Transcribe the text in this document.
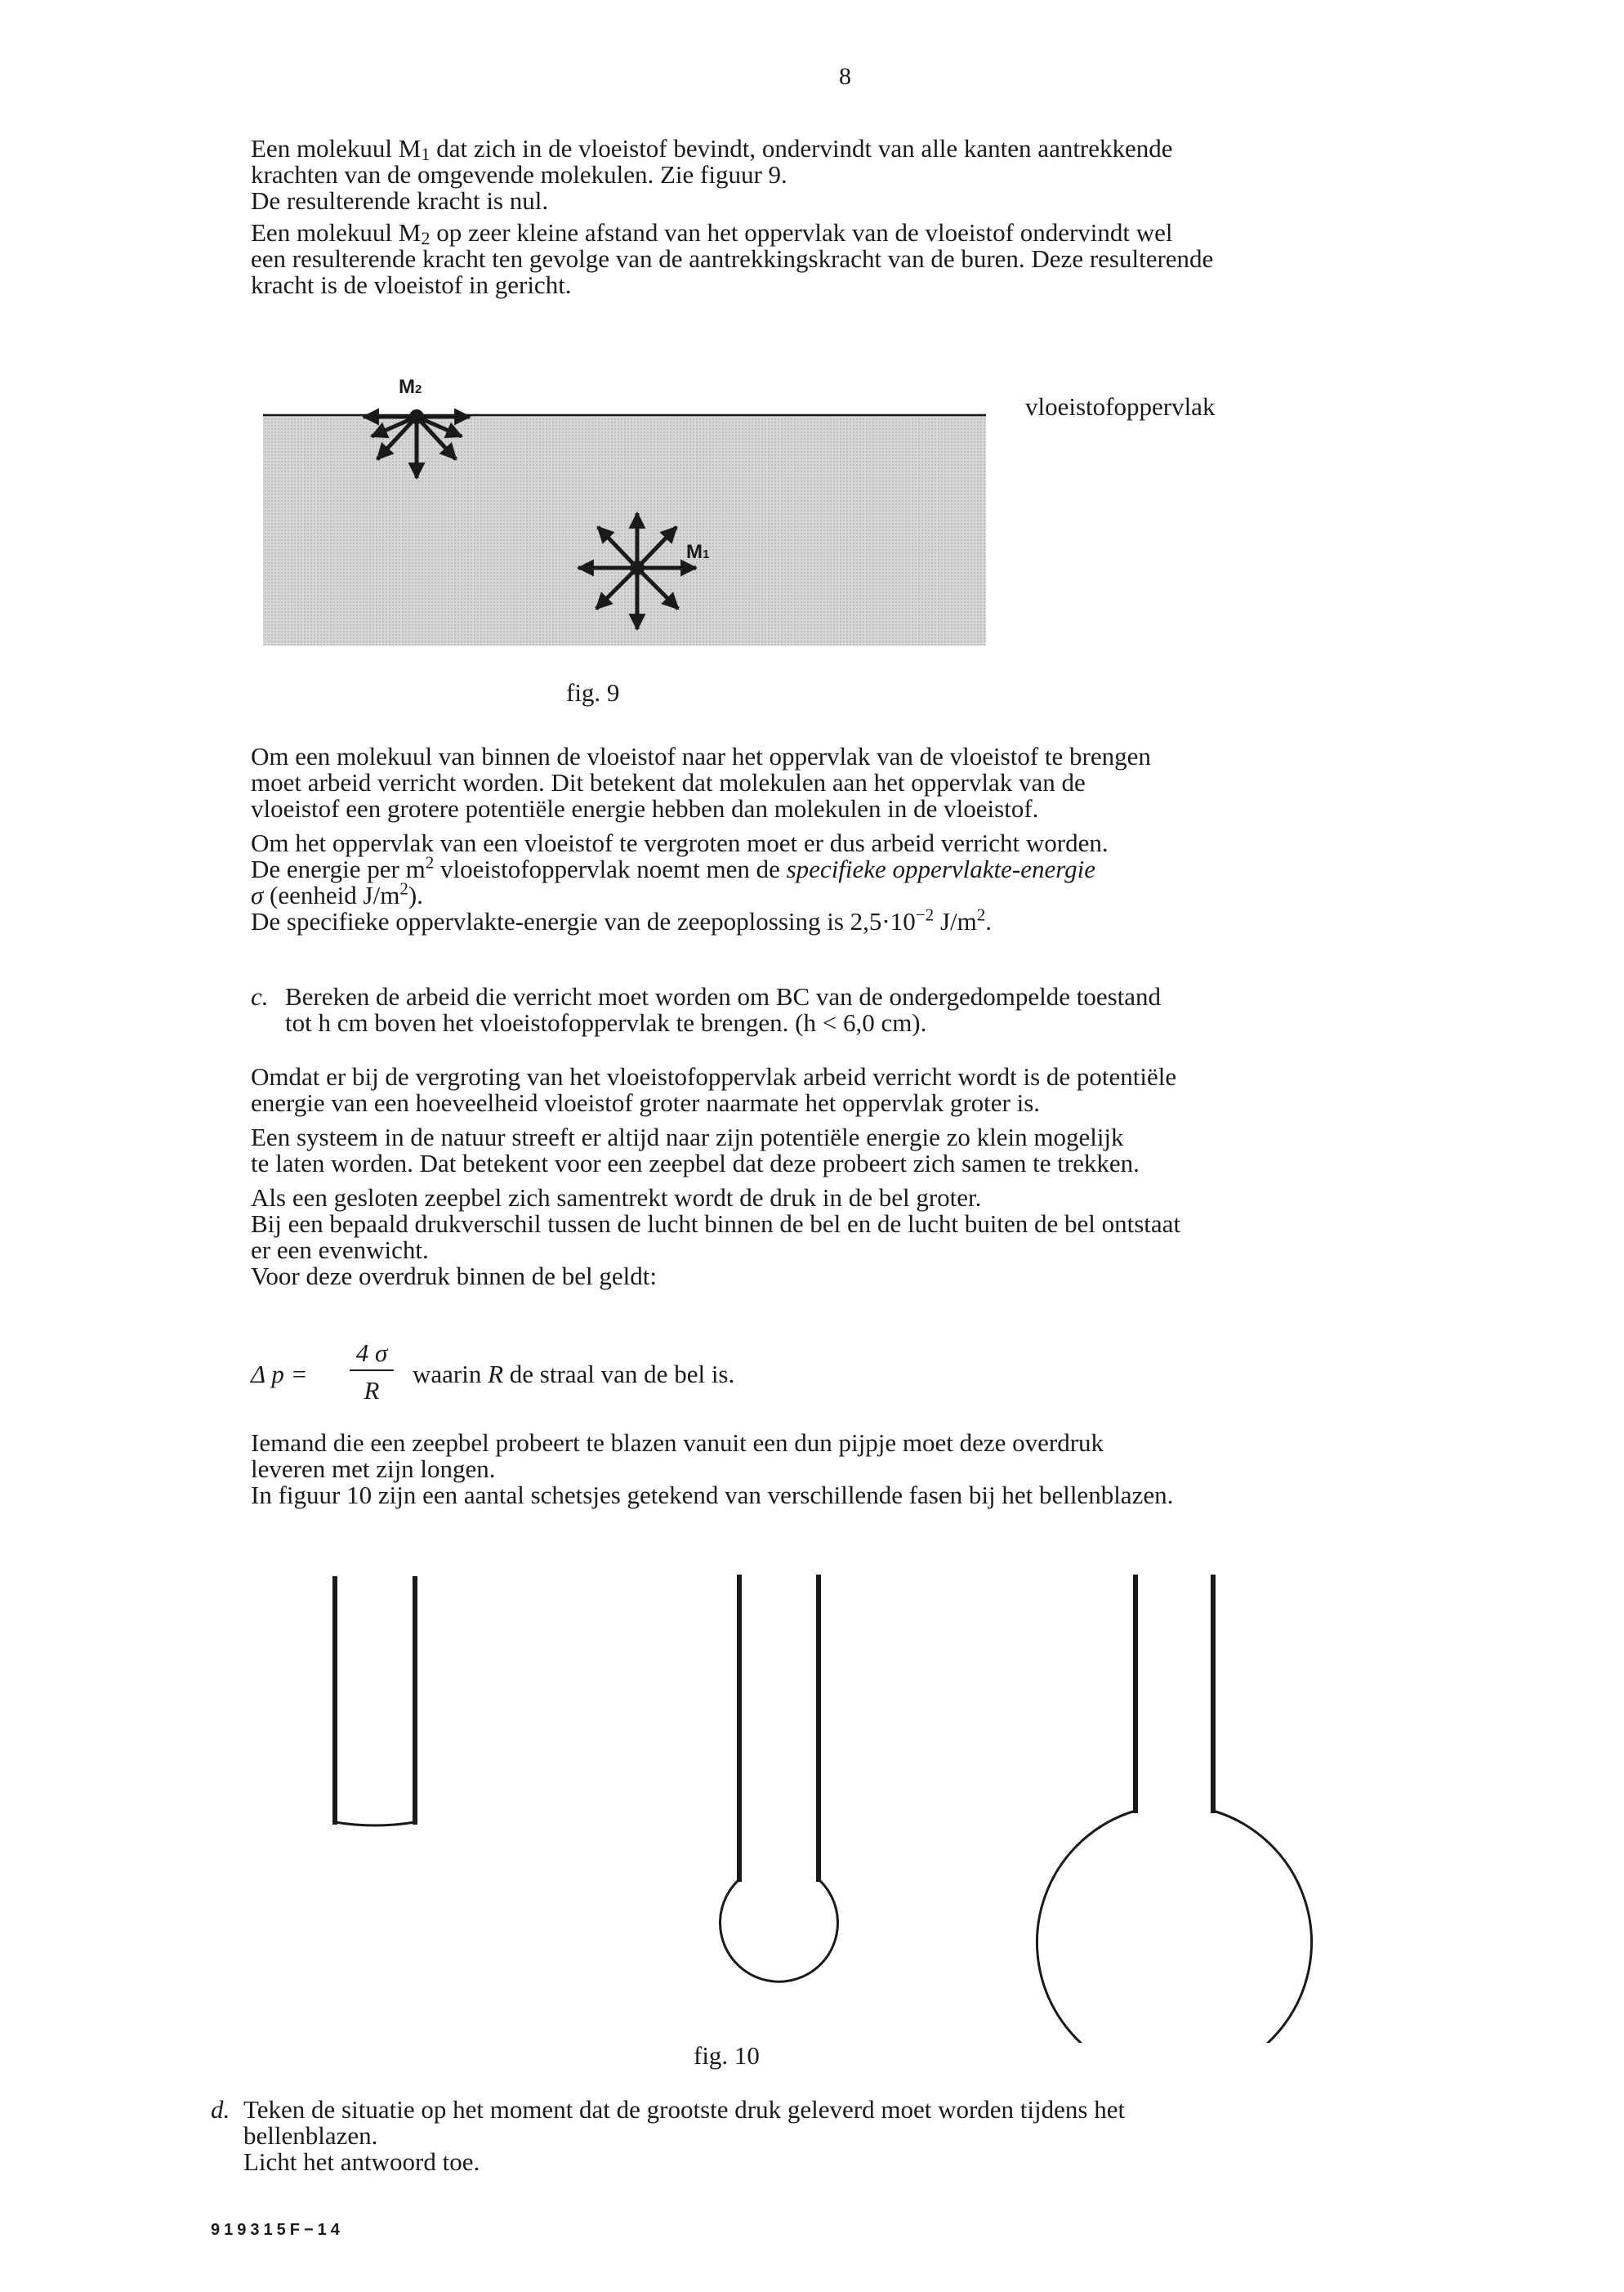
8
Een molekuul M1 dat zich in de vloeistof bevindt, ondervindt van alle kanten aantrekkende
krachten van de omgevende molekulen. Zie figuur 9.
De resulterende kracht is nul.
Een molekuul M2 op zeer kleine afstand van het oppervlak van de vloeistof ondervindt wel
een resulterende kracht ten gevolge van de aantrekkingskracht van de buren. Deze resulterende
kracht is de vloeistof in gericht.
M2
M1
vloeistofoppervlak
fig. 9
Om een molekuul van binnen de vloeistof naar het oppervlak van de vloeistof te brengen
moet arbeid verricht worden. Dit betekent dat molekulen aan het oppervlak van de
vloeistof een grotere potentiële energie hebben dan molekulen in de vloeistof.
Om het oppervlak van een vloeistof te vergroten moet er dus arbeid verricht worden.
De energie per $m^2$ vloeistofoppervlak noemt men de specifieke oppervlakte-energie
σ (eenheid $J/m^2$).
De specifieke oppervlakte-energie van de zeepoplossing is $2,5\cdot 10^{-2}$ $J/m^2$.
c. Bereken de arbeid die verricht moet worden om BC van de ondergedompelde toestand
tot h cm boven het vloeistofoppervlak te brengen. (h < 6,0 cm).
Omdat er bij de vergroting van het vloeistofoppervlak arbeid verricht wordt is de potentiële
energie van een hoeveelheid vloeistof groter naarmate het oppervlak groter is.
Een systeem in de natuur streeft er altijd naar zijn potentiële energie zo klein mogelijk
te laten worden. Dat betekent voor een zeepbel dat deze probeert zich samen te trekken.
Als een gesloten zeepbel zich samentrekt wordt de druk in de bel groter.
Bij een bepaald drukverschil tussen de lucht binnen de bel en de lucht buiten de bel ontstaat
er een evenwicht.
Voor deze overdruk binnen de bel geldt:
Δ p =
4 σ
R
waarin R de straal van de bel is.
Iemand die een zeepbel probeert te blazen vanuit een dun pijpje moet deze overdruk
leveren met zijn longen.
In figuur 10 zijn een aantal schetsjes getekend van verschillende fasen bij het bellenblazen.
fig. 10
d. Teken de situatie op het moment dat de grootste druk geleverd moet worden tijdens het
bellenblazen.
Licht het antwoord toe.
919315F−14
